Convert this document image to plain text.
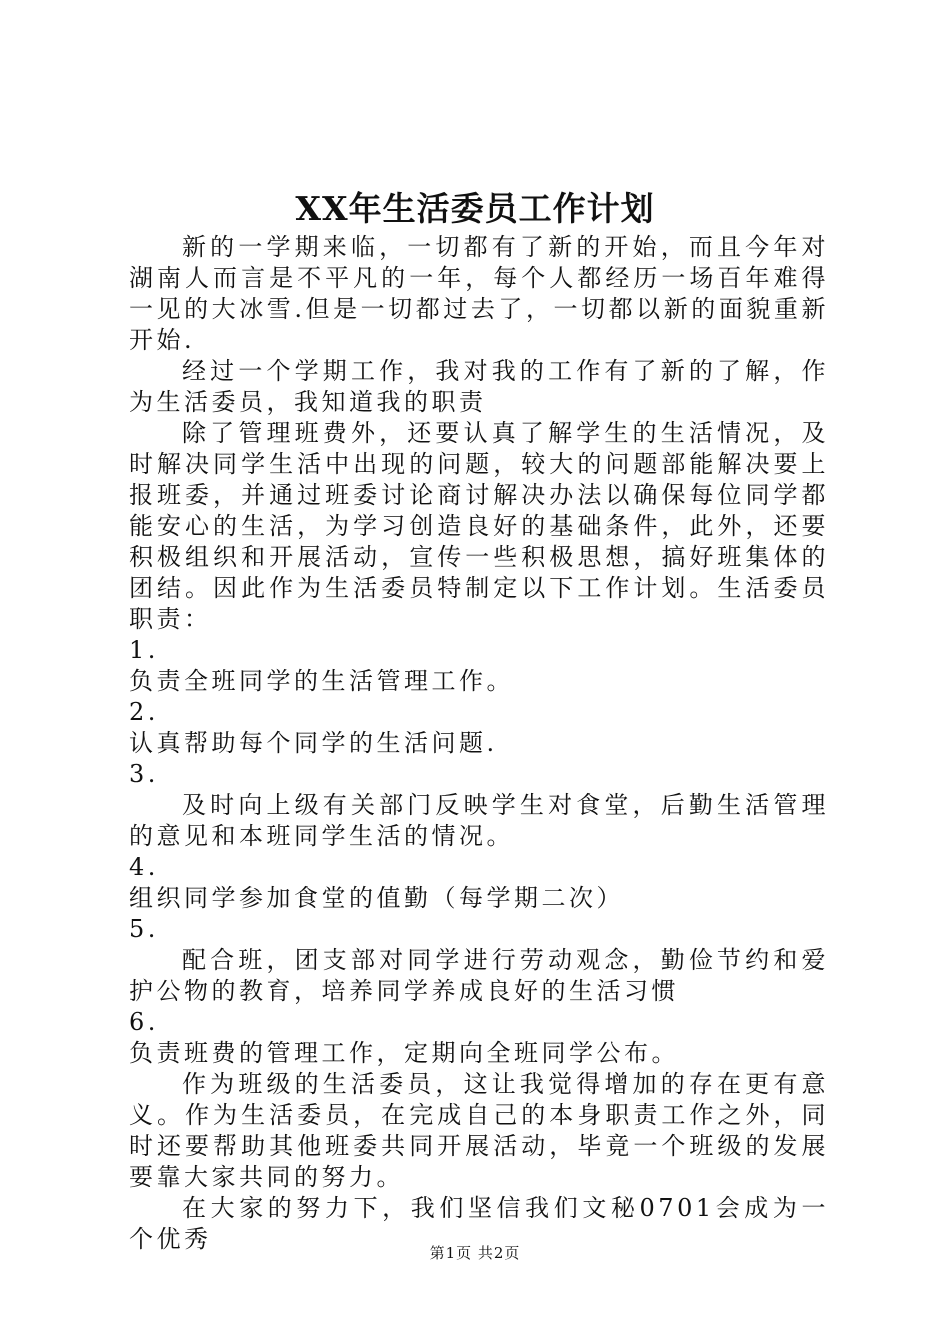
XX年生活委员工作计划

新的一学期来临，一切都有了新的开始，而且今年对湖南人而言是不平凡的一年，每个人都经历一场百年难得一见的大冰雪.但是一切都过去了，一切都以新的面貌重新开始.

经过一个学期工作，我对我的工作有了新的了解，作为生活委员，我知道我的职责

除了管理班费外，还要认真了解学生的生活情况，及时解决同学生活中出现的问题，较大的问题部能解决要上报班委，并通过班委讨论商讨解决办法以确保每位同学都能安心的生活，为学习创造良好的基础条件，此外，还要积极组织和开展活动，宣传一些积极思想，搞好班集体的团结。因此作为生活委员特制定以下工作计划。生活委员职责：

1.

负责全班同学的生活管理工作。

2.

认真帮助每个同学的生活问题.

3.

及时向上级有关部门反映学生对食堂，后勤生活管理的意见和本班同学生活的情况。

4.

组织同学参加食堂的值勤（每学期二次）

5.

配合班，团支部对同学进行劳动观念，勤俭节约和爱护公物的教育，培养同学养成良好的生活习惯

6.

负责班费的管理工作，定期向全班同学公布。

作为班级的生活委员，这让我觉得增加的存在更有意义。作为生活委员，在完成自己的本身职责工作之外，同时还要帮助其他班委共同开展活动，毕竟一个班级的发展要靠大家共同的努力。

在大家的努力下，我们坚信我们文秘0701会成为一个优秀	第1页 共2页
